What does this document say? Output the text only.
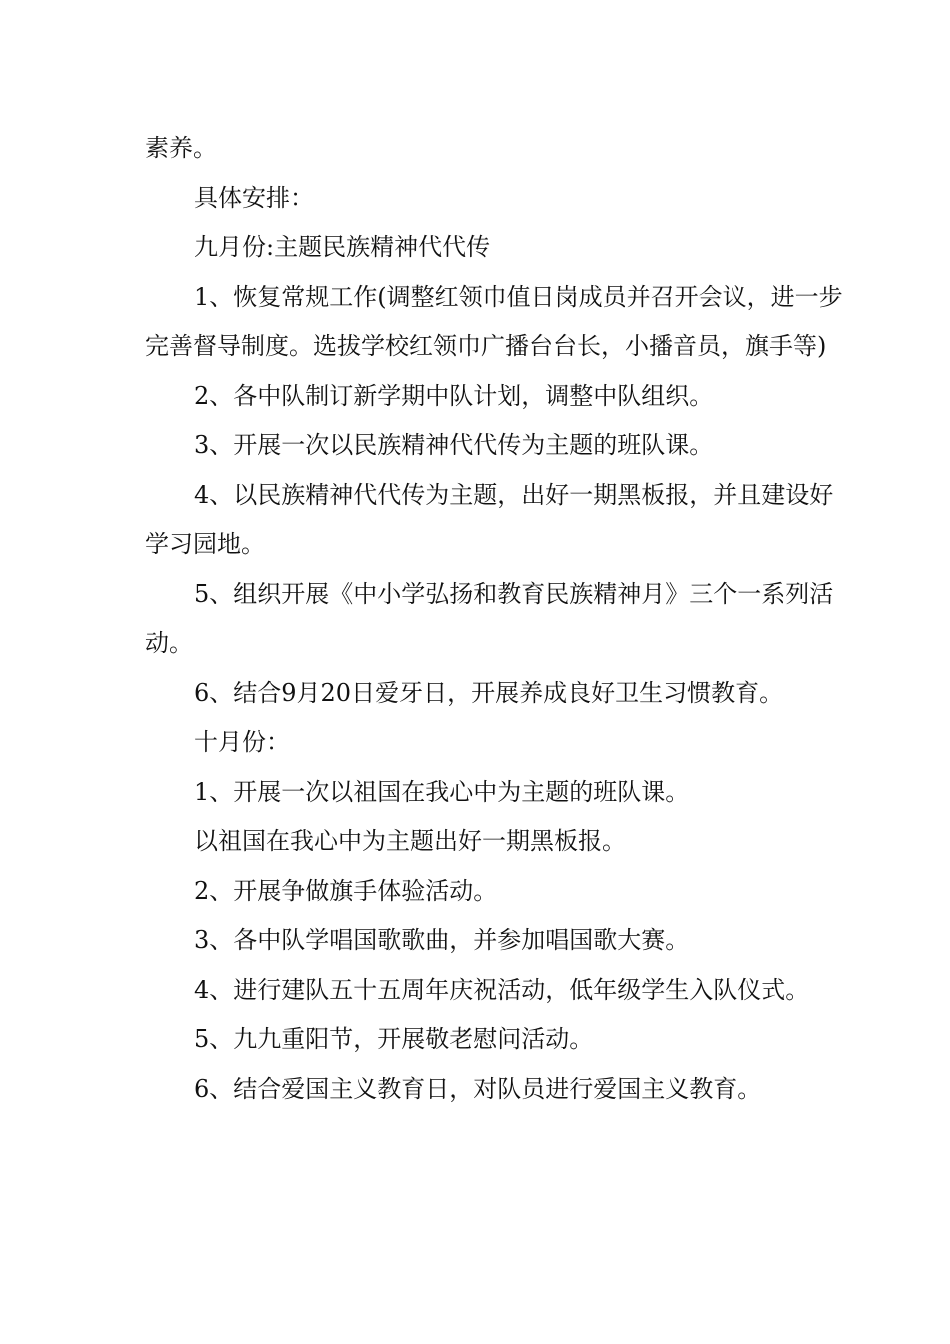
素养。

具体安排：

九月份:主题民族精神代代传

1、恢复常规工作(调整红领巾值日岗成员并召开会议，进一步完善督导制度。选拔学校红领巾广播台台长，小播音员，旗手等)

2、各中队制订新学期中队计划，调整中队组织。

3、开展一次以民族精神代代传为主题的班队课。

4、以民族精神代代传为主题，出好一期黑板报，并且建设好学习园地。

5、组织开展《中小学弘扬和教育民族精神月》三个一系列活动。

6、结合9月20日爱牙日，开展养成良好卫生习惯教育。

十月份：

1、开展一次以祖国在我心中为主题的班队课。

以祖国在我心中为主题出好一期黑板报。

2、开展争做旗手体验活动。

3、各中队学唱国歌歌曲，并参加唱国歌大赛。

4、进行建队五十五周年庆祝活动，低年级学生入队仪式。

5、九九重阳节，开展敬老慰问活动。

6、结合爱国主义教育日，对队员进行爱国主义教育。
